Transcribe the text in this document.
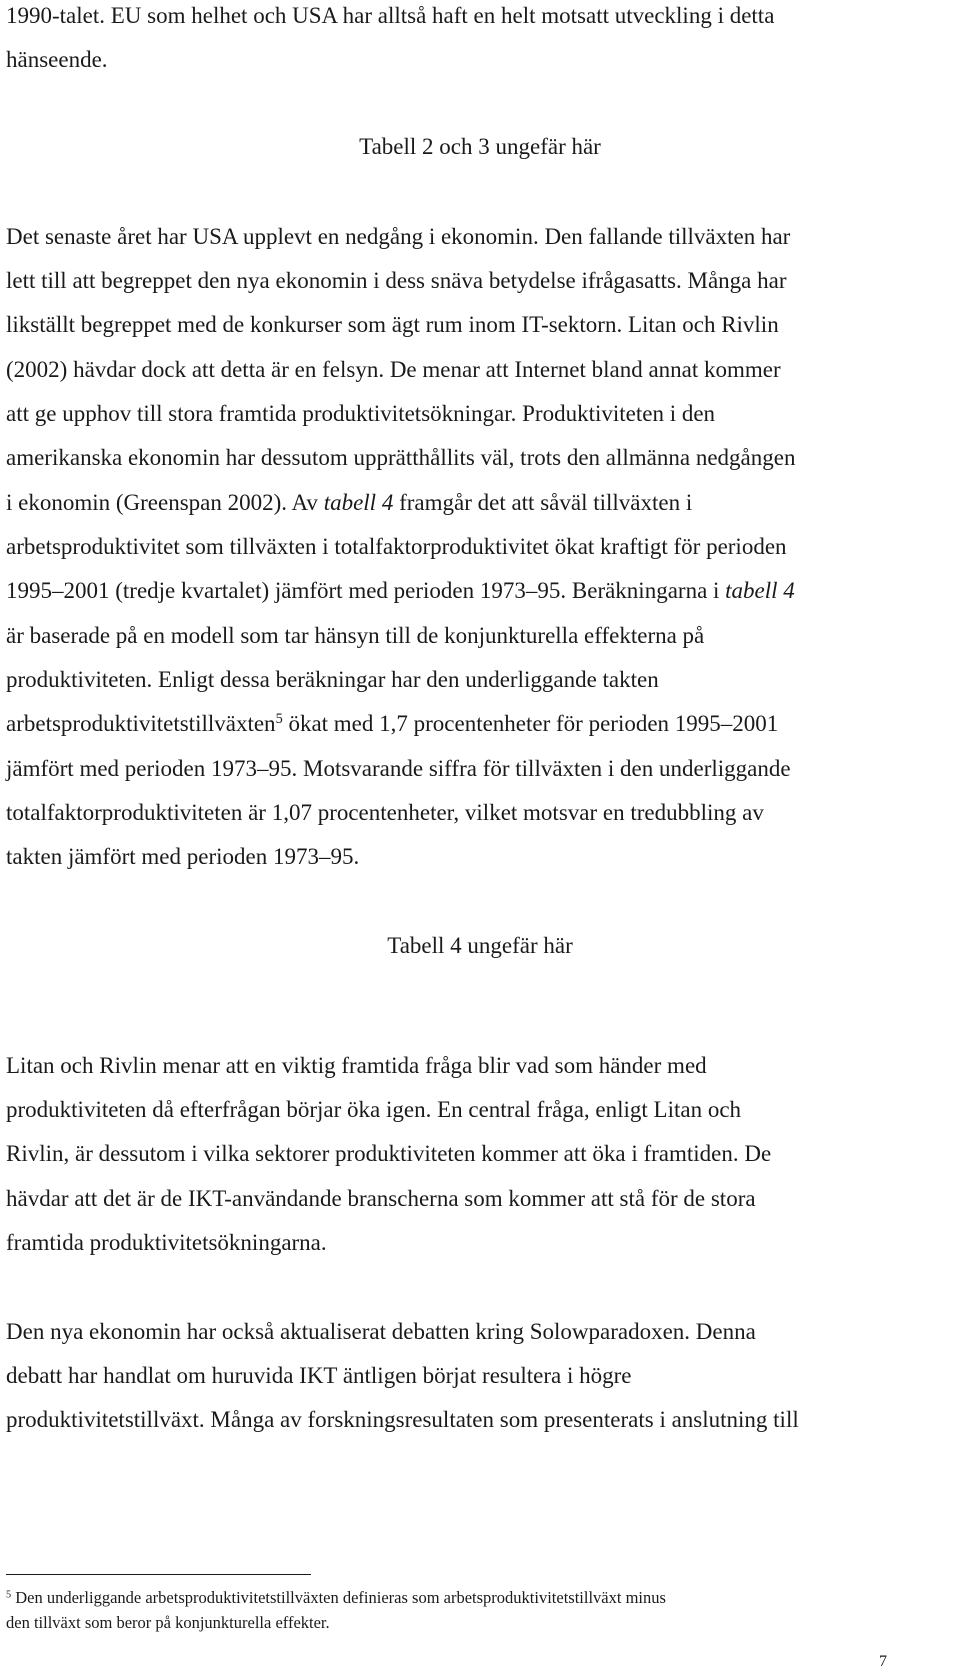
1990-talet. EU som helhet och USA har alltså haft en helt motsatt utveckling i detta
hänseende.
Tabell 2 och 3 ungefär här
Det senaste året har USA upplevt en nedgång i ekonomin. Den fallande tillväxten har
lett till att begreppet den nya ekonomin i dess snäva betydelse ifrågasatts. Många har
likställt begreppet med de konkurser som ägt rum inom IT-sektorn. Litan och Rivlin
(2002) hävdar dock att detta är en felsyn. De menar att Internet bland annat kommer
att ge upphov till stora framtida produktivitetsökningar. Produktiviteten i den
amerikanska ekonomin har dessutom upprätthållits väl, trots den allmänna nedgången
i ekonomin (Greenspan 2002). Av tabell 4 framgår det att såväl tillväxten i
arbetsproduktivitet som tillväxten i totalfaktorproduktivitet ökat kraftigt för perioden
1995–2001 (tredje kvartalet) jämfört med perioden 1973–95. Beräkningarna i tabell 4
är baserade på en modell som tar hänsyn till de konjunkturella effekterna på
produktiviteten. Enligt dessa beräkningar har den underliggande takten
arbetsproduktivitetstillväxten$^5$ ökat med 1,7 procentenheter för perioden 1995–2001
jämfört med perioden 1973–95. Motsvarande siffra för tillväxten i den underliggande
totalfaktorproduktiviteten är 1,07 procentenheter, vilket motsvar en tredubbling av
takten jämfört med perioden 1973–95.
Tabell 4 ungefär här
Litan och Rivlin menar att en viktig framtida fråga blir vad som händer med
produktiviteten då efterfrågan börjar öka igen. En central fråga, enligt Litan och
Rivlin, är dessutom i vilka sektorer produktiviteten kommer att öka i framtiden. De
hävdar att det är de IKT-användande branscherna som kommer att stå för de stora
framtida produktivitetsökningarna.
Den nya ekonomin har också aktualiserat debatten kring Solowparadoxen. Denna
debatt har handlat om huruvida IKT äntligen börjat resultera i högre
produktivitetstillväxt. Många av forskningsresultaten som presenterats i anslutning till
$^5$ Den underliggande arbetsproduktivitetstillväxten definieras som arbetsproduktivitetstillväxt minus
den tillväxt som beror på konjunkturella effekter.
7
